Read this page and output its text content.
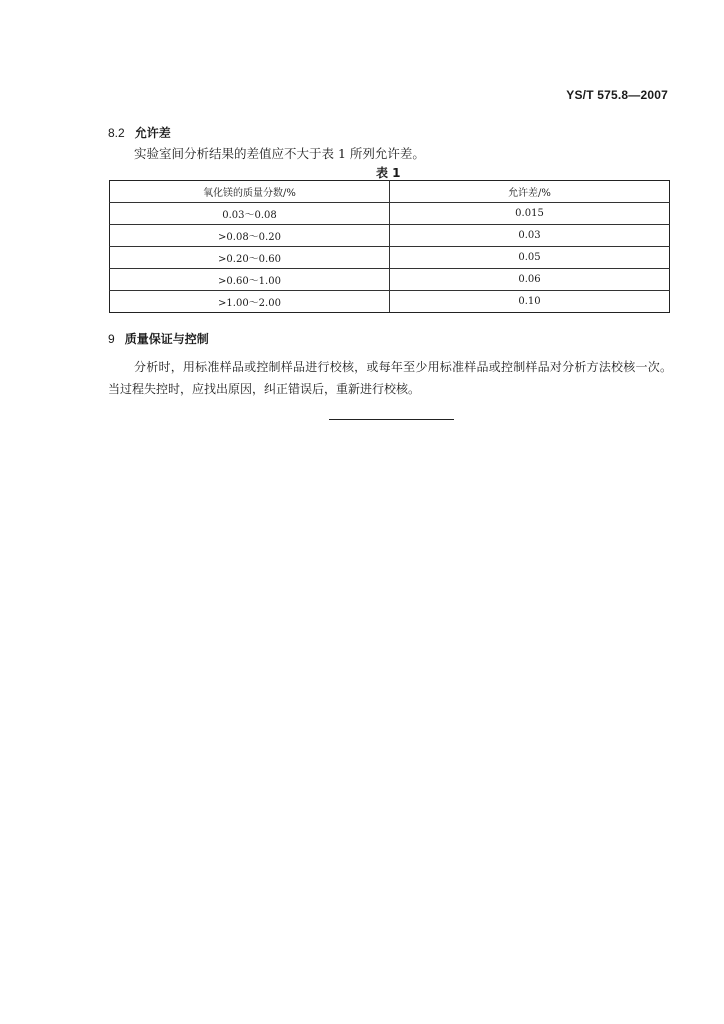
YS/T 575.8—2007
8.2 允许差
实验室间分析结果的差值应不大于表 1 所列允许差。
表 1
氧化镁的质量分数/%	允许差/%
0.03～0.08	0.015
>0.08～0.20	0.03
>0.20～0.60	0.05
>0.60～1.00	0.06
>1.00～2.00	0.10
9 质量保证与控制

分析时，用标准样品或控制样品进行校核，或每年至少用标准样品或控制样品对分析方法校核一次。当过程失控时，应找出原因，纠正错误后，重新进行校核。
